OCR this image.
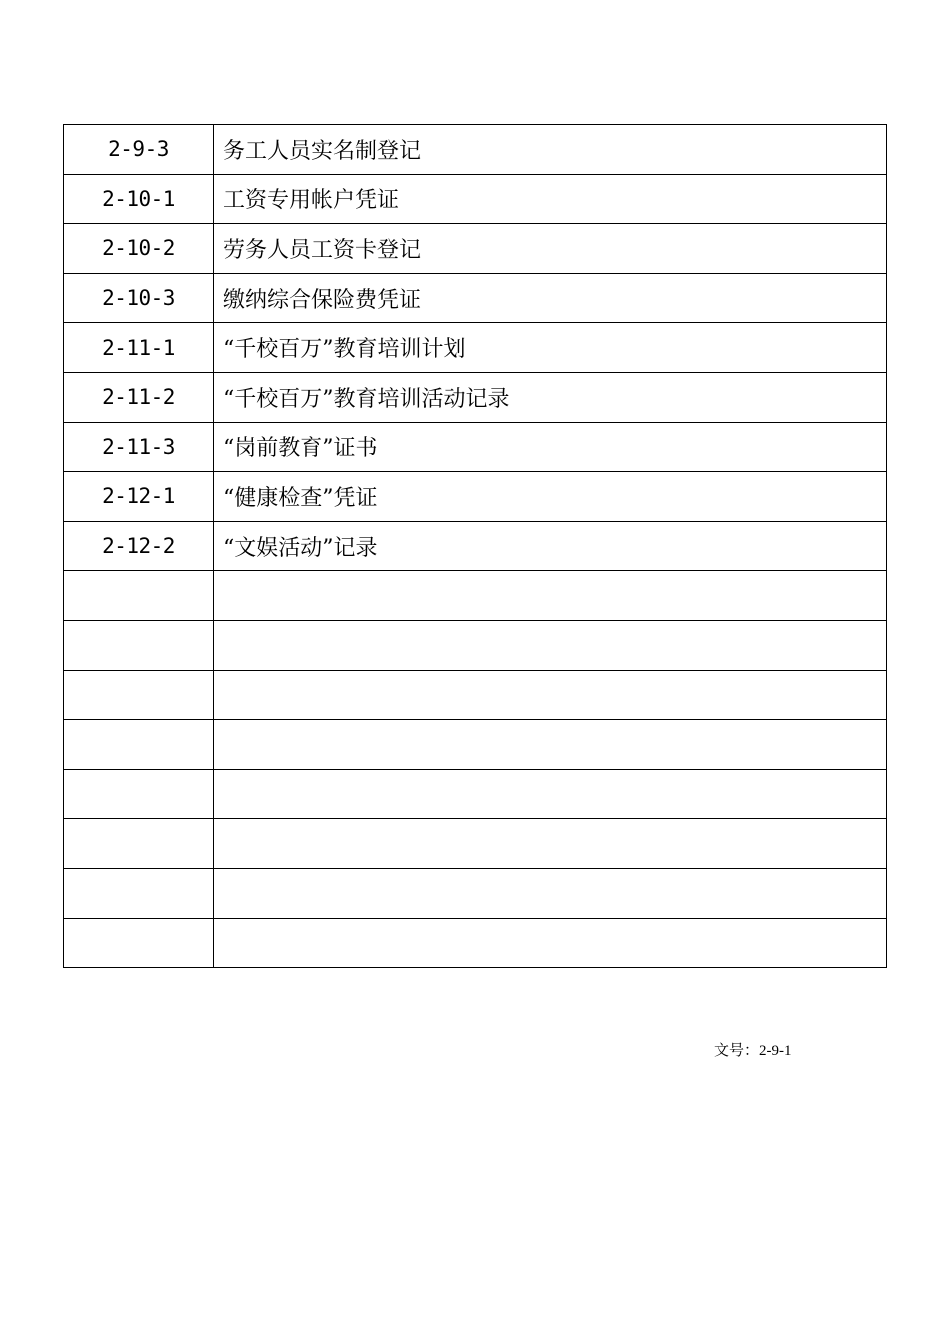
2-9-3	务工人员实名制登记
2-10-1	工资专用帐户凭证
2-10-2	劳务人员工资卡登记
2-10-3	缴纳综合保险费凭证
2-11-1	“千校百万”教育培训计划
2-11-2	“千校百万”教育培训活动记录
2-11-3	“岗前教育”证书
2-12-1	“健康检查”凭证
2-12-2	“文娱活动”记录

文号：2-9-1
